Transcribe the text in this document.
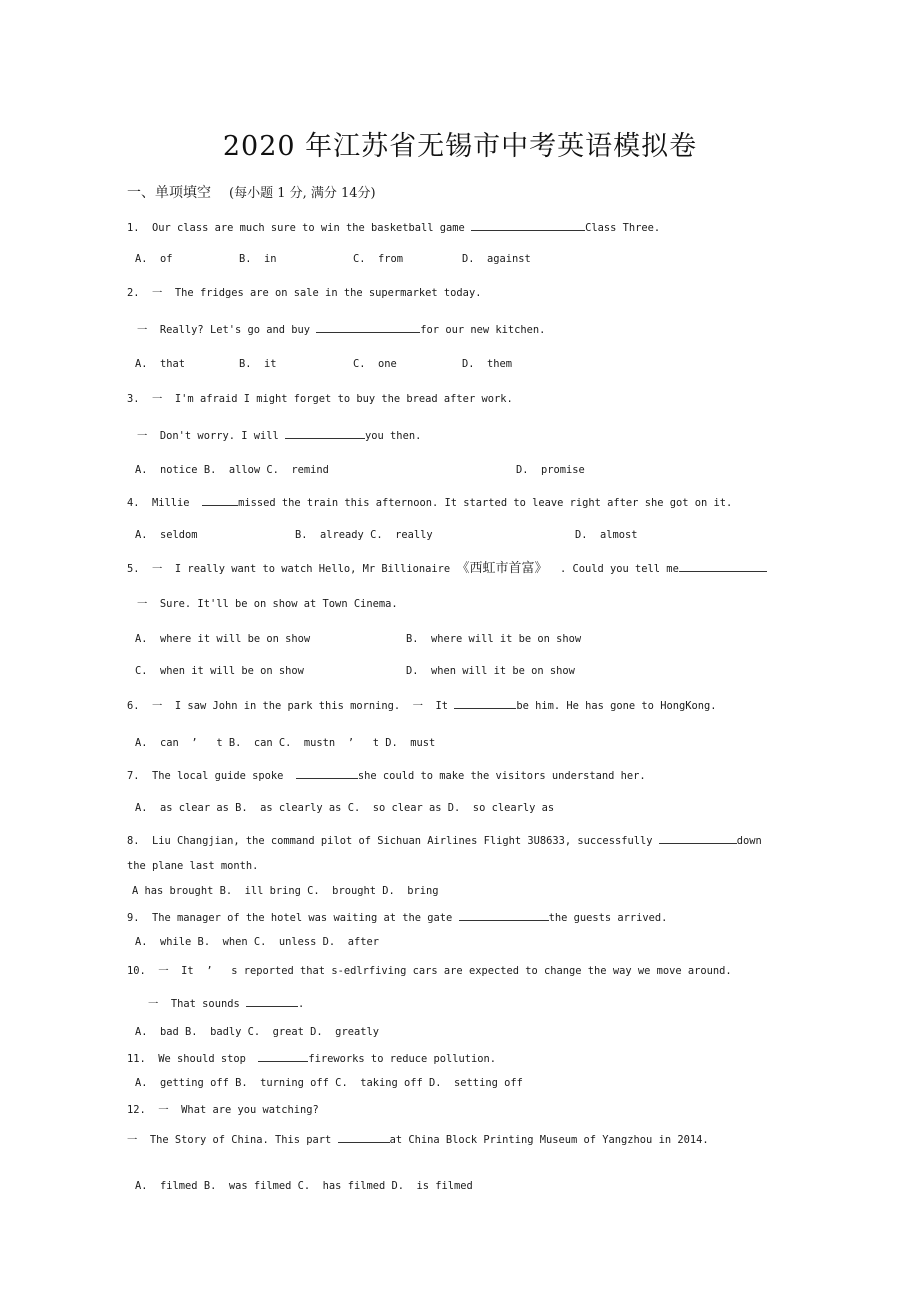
2020 年江苏省无锡市中考英语模拟卷
一、单项填空 (每小题 1 分, 满分 14分)
1.  Our class are much sure to win the basketball game	Class Three.
A.  of	B.  in	C.  from	D.  against
2.  一  The fridges are on sale in the supermarket today.
一  Really? Let's go and buy	for our new kitchen.
A.  that	B.  it	C.  one	D.  them
3.  一  I'm afraid I might forget to buy the bread after work.
一  Don't worry. I will	you then.
A.  notice B.  allow C.  remind	D.  promise
4.  Millie	missed the train this afternoon. It started to leave right after she got on it.
A.  seldom	B.  already C.  really	D.  almost
5.  一  I really want to watch Hello, Mr Billionaire 《西虹市首富》  . Could you tell me
一  Sure. It'll be on show at Town Cinema.
A.  where it will be on show	B.  where will it be on show
C.  when it will be on show	D.  when will it be on show
6.  一  I saw John in the park this morning.  一  It	be him. He has gone to HongKong.
A.  can  ’   t B.  can C.  mustn  ’   t D.  must
7.  The local guide spoke	she could to make the visitors understand her.
A.  as clear as B.  as clearly as C.  so clear as D.  so clearly as
8.  Liu Changjian, the command pilot of Sichuan Airlines Flight 3U8633, successfully	down
the plane last month.
A has brought B.  ill bring C.  brought D.  bring
9.  The manager of the hotel was waiting at the gate	the guests arrived.
A.  while B.  when C.  unless D.  after
10.  一  It  ’   s reported that s-edlrfiving cars are expected to change the way we move around.
一  That sounds	.
A.  bad B.  badly C.  great D.  greatly
11.  We should stop	fireworks to reduce pollution.
A.  getting off B.  turning off C.  taking off D.  setting off
12.  一  What are you watching?
一  The Story of China. This part	at China Block Printing Museum of Yangzhou in 2014.
A.  filmed B.  was filmed C.  has filmed D.  is filmed
